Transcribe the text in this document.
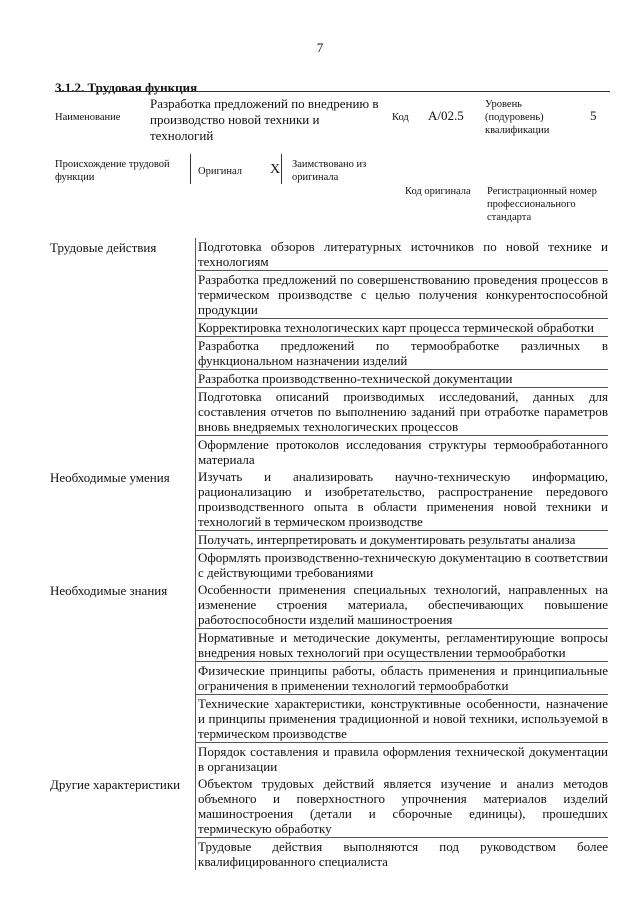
7
3.1.2. Трудовая функция
Наименование
Разработка предложений по внедрению в производство новой техники и технологий
Код A/02.5
Уровень (подуровень) квалификации
5
Происхождение трудовой функции
Оригинал X Заимствовано из оригинала
Код оригинала Регистрационный номер профессионального стандарта
Трудовые действия	Подготовка обзоров литературных источников по новой технике и технологиям
Разработка предложений по совершенствованию проведения процессов в термическом производстве с целью получения конкурентоспособной продукции
Корректировка технологических карт процесса термической обработки
Разработка предложений по термообработке различных в функциональном назначении изделий
Разработка производственно-технической документации
Подготовка описаний производимых исследований, данных для составления отчетов по выполнению заданий при отработке параметров вновь внедряемых технологических процессов
Оформление протоколов исследования структуры термообработанного материала
Необходимые умения	Изучать и анализировать научно-техническую информацию, рационализацию и изобретательство, распространение передового производственного опыта в области применения новой техники и технологий в термическом производстве
Получать, интерпретировать и документировать результаты анализа
Оформлять производственно-техническую документацию в соответствии с действующими требованиями
Необходимые знания	Особенности применения специальных технологий, направленных на изменение строения материала, обеспечивающих повышение работоспособности изделий машиностроения
Нормативные и методические документы, регламентирующие вопросы внедрения новых технологий при осуществлении термообработки
Физические принципы работы, область применения и принципиальные ограничения в применении технологий термообработки
Технические характеристики, конструктивные особенности, назначение и принципы применения традиционной и новой техники, используемой в термическом производстве
Порядок составления и правила оформления технической документации в организации
Другие характеристики	Объектом трудовых действий является изучение и анализ методов объемного и поверхностного упрочнения материалов изделий машиностроения (детали и сборочные единицы), прошедших термическую обработку
Трудовые действия выполняются под руководством более квалифицированного специалиста
